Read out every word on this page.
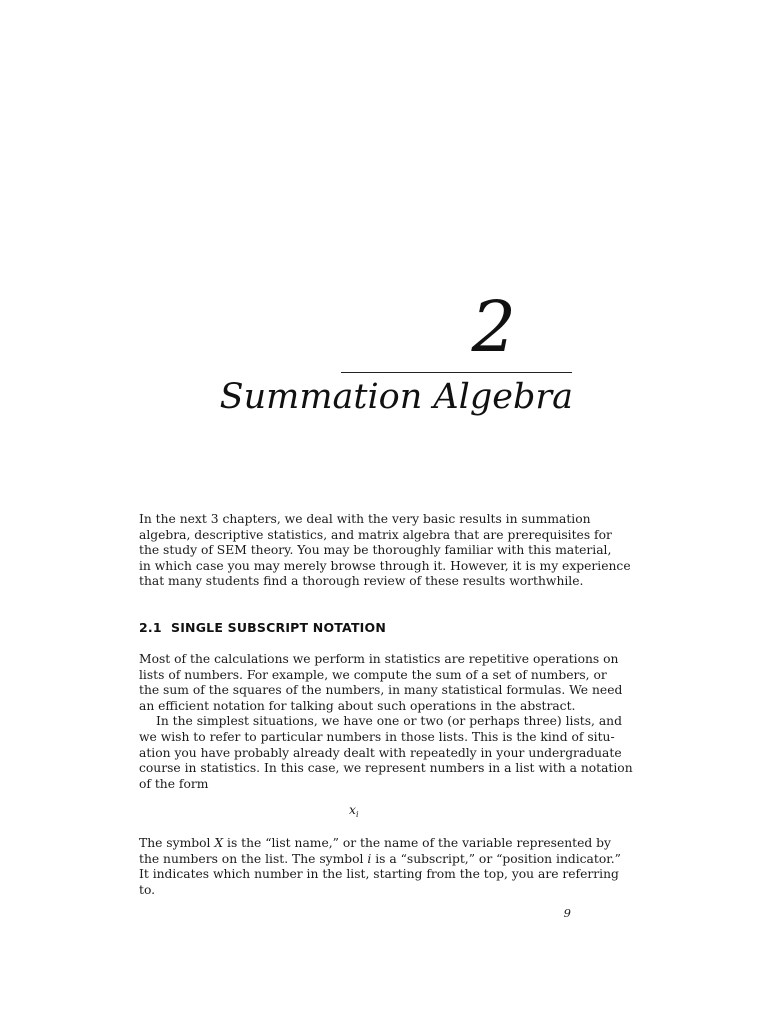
2
Summation Algebra
In the next 3 chapters, we deal with the very basic results in summation
algebra, descriptive statistics, and matrix algebra that are prerequisites for
the study of SEM theory. You may be thoroughly familiar with this material,
in which case you may merely browse through it. However, it is my experience
that many students find a thorough review of these results worthwhile.
2.1 SINGLE SUBSCRIPT NOTATION
Most of the calculations we perform in statistics are repetitive operations on
lists of numbers. For example, we compute the sum of a set of numbers, or
the sum of the squares of the numbers, in many statistical formulas. We need
an efficient notation for talking about such operations in the abstract.
In the simplest situations, we have one or two (or perhaps three) lists, and
we wish to refer to particular numbers in those lists. This is the kind of situ-
ation you have probably already dealt with repeatedly in your undergraduate
course in statistics. In this case, we represent numbers in a list with a notation
of the form
$x_i$
The symbol X is the “list name,” or the name of the variable represented by
the numbers on the list. The symbol i is a “subscript,” or “position indicator.”
It indicates which number in the list, starting from the top, you are referring
to.
9
